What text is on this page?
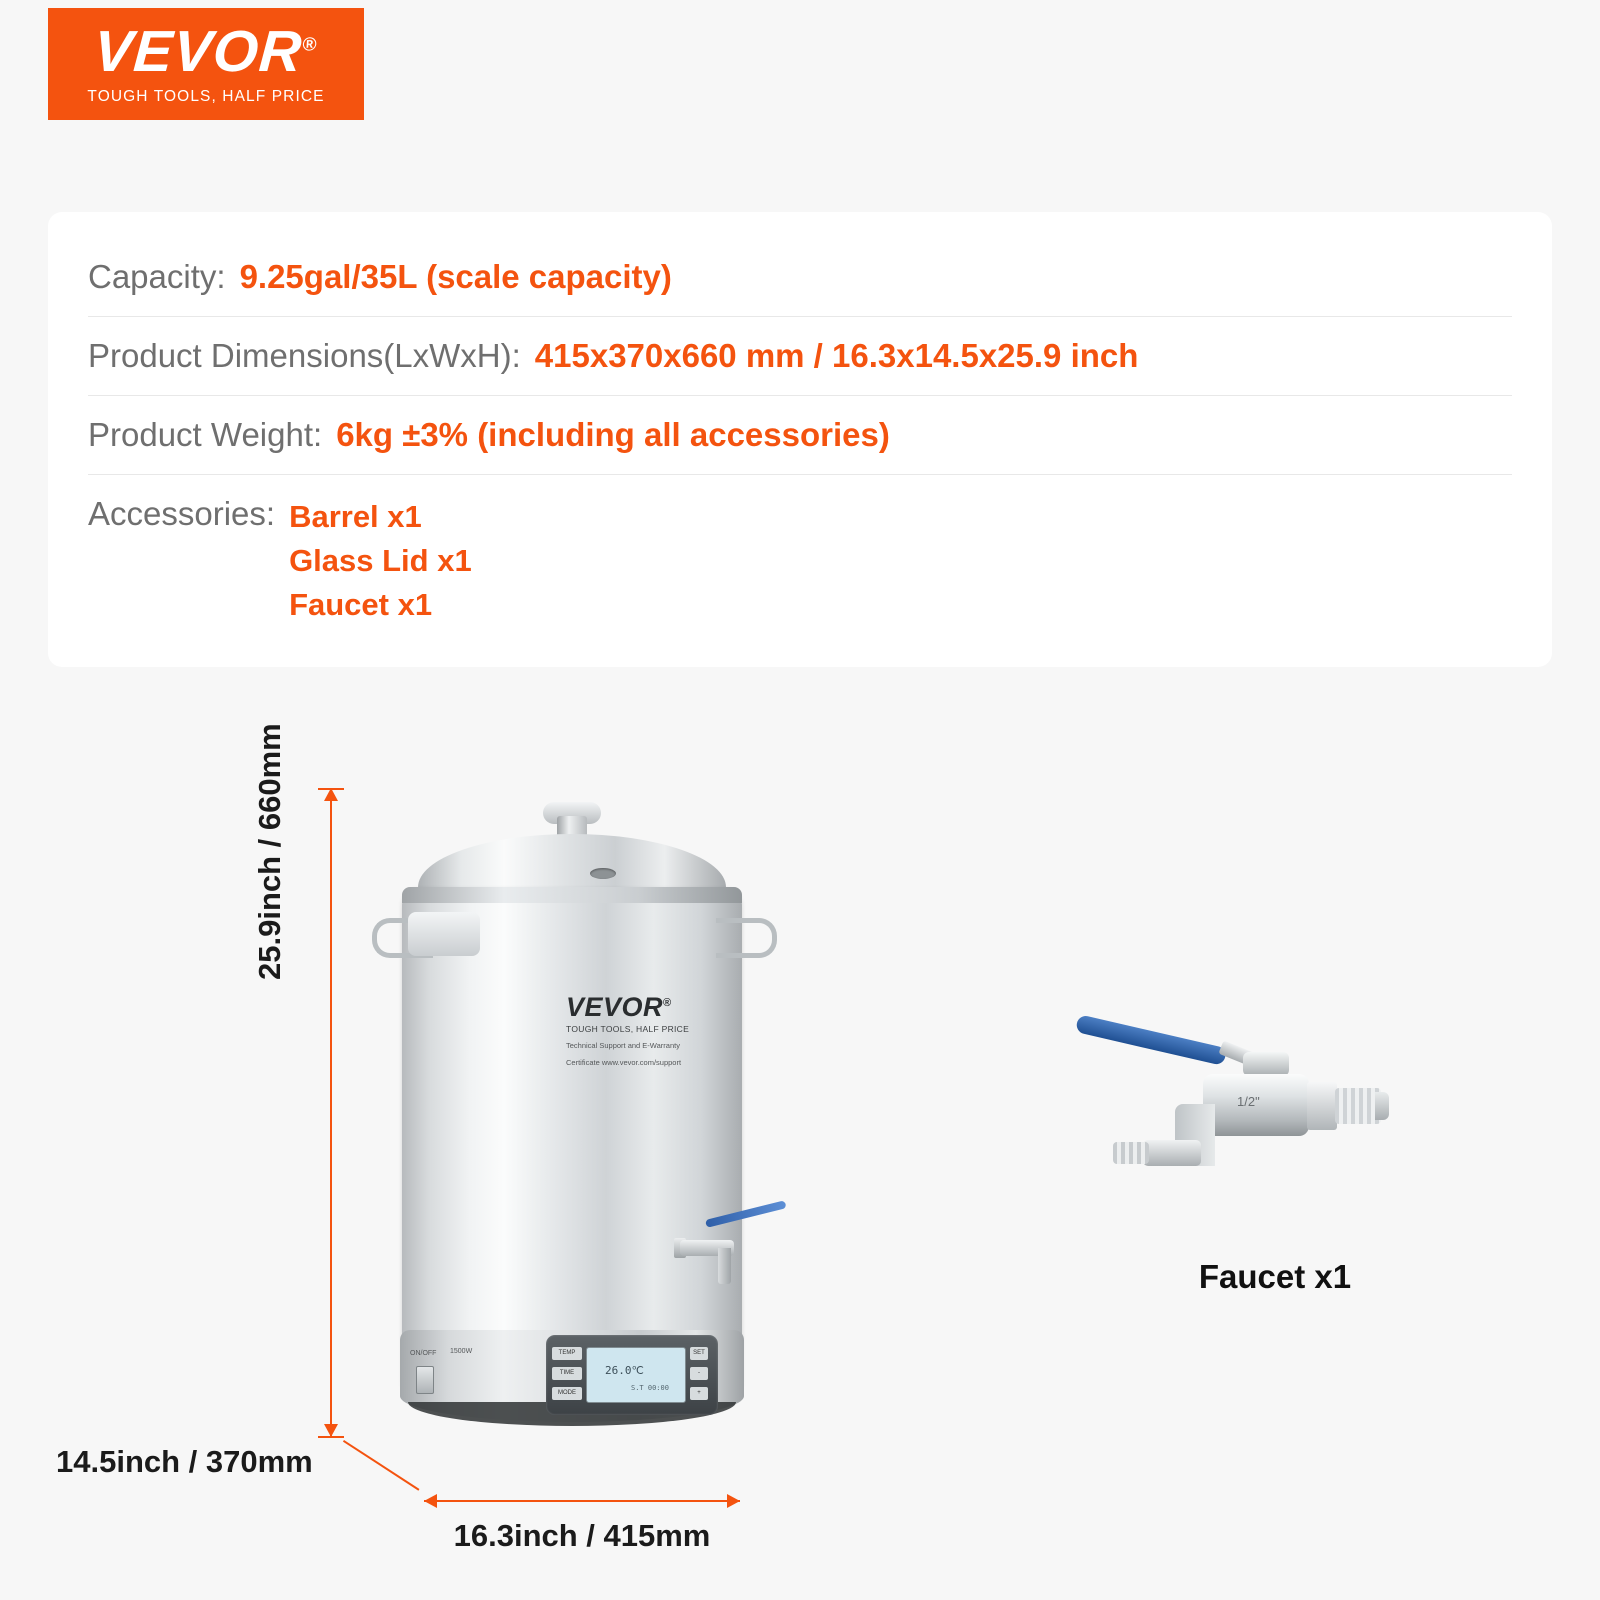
VEVOR®
TOUGH TOOLS, HALF PRICE
Capacity: 9.25gal/35L (scale capacity)
Product Dimensions(LxWxH): 415x370x660 mm / 16.3x14.5x25.9 inch
Product Weight: 6kg ±3% (including all accessories)
Accessories: Barrel x1
Glass Lid x1
Faucet x1
25.9inch / 660mm
16.3inch / 415mm
14.5inch / 370mm
VEVOR®
TOUGH TOOLS, HALF PRICE
Technical Support and E-Warranty
Certificate www.vevor.com/support
ON/OFF 1500W
26.0℃
S.T 00:00
TEMP
TIME
MODE
SET
-
+
1/2"
Faucet x1
